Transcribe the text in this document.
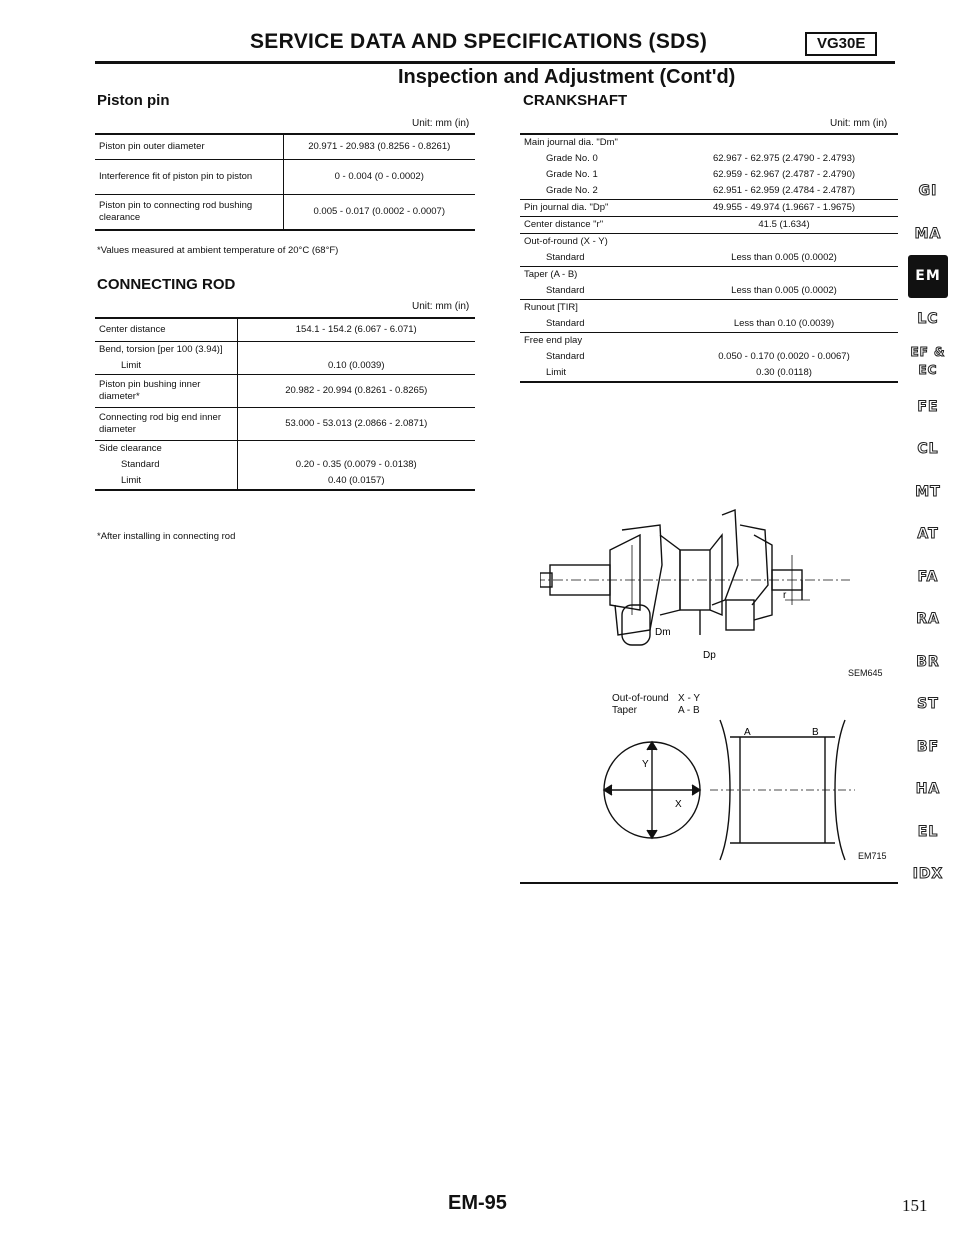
SERVICE DATA AND SPECIFICATIONS (SDS)	VG30E
Inspection and Adjustment (Cont'd)
Piston pin
Unit: mm (in)
Piston pin outer diameter	20.971 - 20.983 (0.8256 - 0.8261)
Interference fit of piston pin to piston	0 - 0.004 (0 - 0.0002)
Piston pin to connecting rod bushing clearance	0.005 - 0.017 (0.0002 - 0.0007)
*Values measured at ambient temperature of 20°C (68°F)
CONNECTING ROD
Unit: mm (in)
Center distance	154.1 - 154.2 (6.067 - 6.071)
Bend, torsion [per 100 (3.94)]	
Limit	0.10 (0.0039)
Piston pin bushing inner diameter*	20.982 - 20.994 (0.8261 - 0.8265)
Connecting rod big end inner diameter	53.000 - 53.013 (2.0866 - 2.0871)
Side clearance	
Standard	0.20 - 0.35 (0.0079 - 0.0138)
Limit	0.40 (0.0157)
*After installing in connecting rod
CRANKSHAFT
Unit: mm (in)
Main journal dia. "Dm"	
Grade No. 0	62.967 - 62.975 (2.4790 - 2.4793)
Grade No. 1	62.959 - 62.967 (2.4787 - 2.4790)
Grade No. 2	62.951 - 62.959 (2.4784 - 2.4787)
Pin journal dia. "Dp"	49.955 - 49.974 (1.9667 - 1.9675)
Center distance "r"	41.5 (1.634)
Out-of-round (X - Y)	
Standard	Less than 0.005 (0.0002)
Taper (A - B)	
Standard	Less than 0.005 (0.0002)
Runout [TIR]	
Standard	Less than 0.10 (0.0039)
Free end play	
Standard	0.050 - 0.170 (0.0020 - 0.0067)
Limit	0.30 (0.0118)
Dm
Dp
r
SEM645
Out-of-round X - Y
Taper	A - B
A	B
Y
X
EM715
GI
MA
EM
LC
EF & EC
FE
CL
MT
AT
FA
RA
BR
ST
BF
HA
EL
IDX
EM-95	151
